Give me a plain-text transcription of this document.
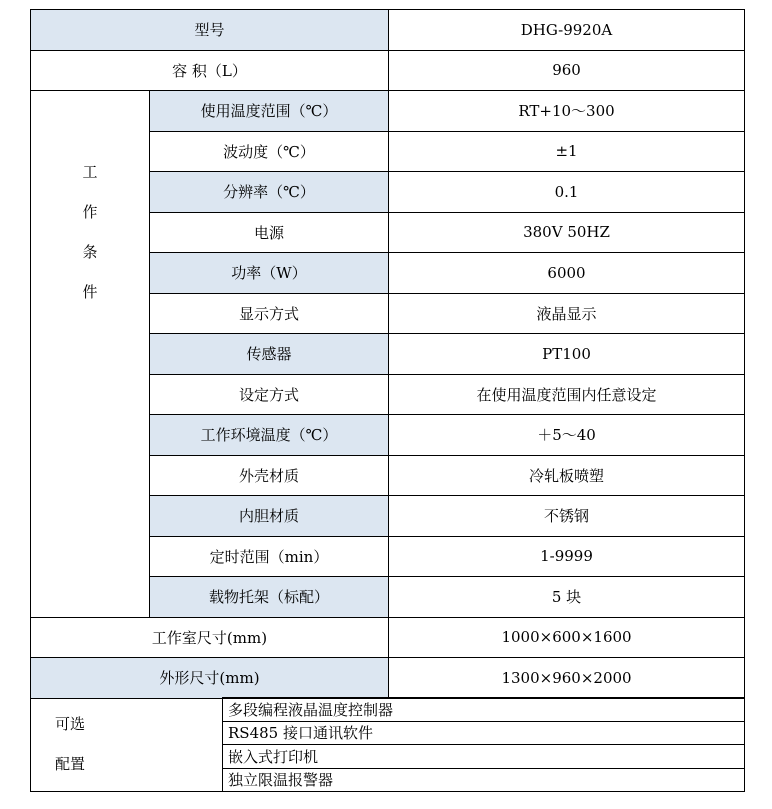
型号		DHG-9920A
容 积（L）		960
工
作
条
件	使用温度范围（℃）	RT+10～300
	波动度（℃）	±1
	分辨率（℃）	0.1
	电源	380V 50HZ
	功率（W）	6000
	显示方式	液晶显示
	传感器	PT100
	设定方式	在使用温度范围内任意设定
	工作环境温度（℃）	＋5～40
	外壳材质	冷轧板喷塑
	内胆材质	不锈钢
	定时范围（min）	1-9999
	载物托架（标配）	5 块
工作室尺寸(mm)		1000×600×1600
外形尺寸(mm)		1300×960×2000
可选
配置	多段编程液晶温度控制器
RS485 接口通讯软件
嵌入式打印机
独立限温报警器
